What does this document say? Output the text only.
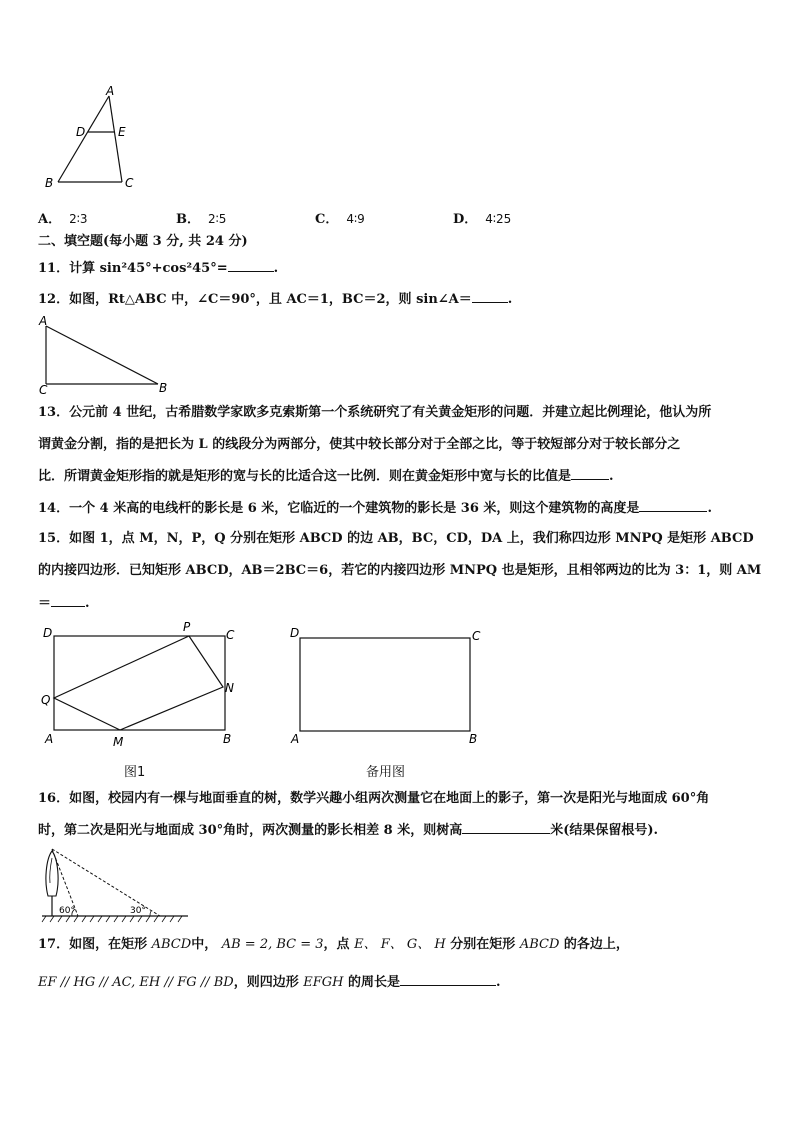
A
D	E
B	C
A． 2∶3	B． 2∶5	C． 4∶9	D． 4∶25
二、填空题(每小题 3 分, 共 24 分)
11．计算 sin²45°+cos²45°=	.
12．如图，Rt△ABC 中，∠C＝90°，且 AC＝1，BC＝2，则 sin∠A＝	.
A
C	B
13．公元前 4 世纪，古希腊数学家欧多克索斯第一个系统研究了有关黄金矩形的问题．并建立起比例理论，他认为所
谓黄金分割，指的是把长为 L 的线段分为两部分，使其中较长部分对于全部之比，等于较短部分对于较长部分之
比．所谓黄金矩形指的就是矩形的宽与长的比适合这一比例．则在黄金矩形中宽与长的比值是	.
14．一个 4 米高的电线杆的影长是 6 米，它临近的一个建筑物的影长是 36 米，则这个建筑物的高度是	.
15．如图 1，点 M，N，P，Q 分别在矩形 ABCD 的边 AB，BC，CD，DA 上，我们称四边形 MNPQ 是矩形 ABCD
的内接四边形．已知矩形 ABCD，AB＝2BC＝6，若它的内接四边形 MNPQ 也是矩形，且相邻两边的比为 3：1，则 AM
＝	.
D	P
C
Q
N
A	M	B
图1
D	C
A	B
备用图
16．如图，校园内有一棵与地面垂直的树，数学兴趣小组两次测量它在地面上的影子，第一次是阳光与地面成 60°角
时，第二次是阳光与地面成 30°角时，两次测量的影长相差 8 米，则树高	米(结果保留根号).
60°	30°
17．如图，在矩形 ABCD中， AB = 2, BC = 3，点 E、 F、 G、 H 分别在矩形 ABCD 的各边上，
EF // HG // AC, EH // FG // BD，则四边形 EFGH 的周长是	.
